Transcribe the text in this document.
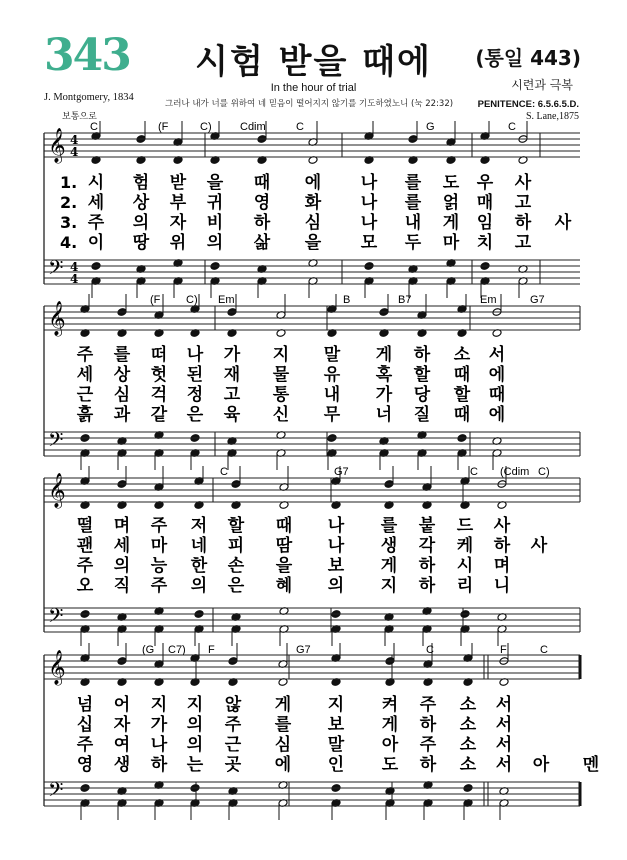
343	시험 받을 때에	(통일 443)
시련과 극복
In the hour of trial
J. Montgomery, 1834
그러나 내가 너를 위하여 네 믿음이 떨어지지 않기를 기도하였노니 (눅 22:32)
보통으로
PENITENCE: 6.5.6.5.D.
S. Lane,1875
𝄞
𝄢
4
4
4
4
C	(F	C)	Cdim	C	G	C
1. 시 험 받 을 때 에 나 를 도 우 사
2. 세 상 부 귀 영 화 나 를 얽 매 고
3. 주 의 자 비 하 심 나 내 게 임 하 사
4. 이 땅 위 의 삶 을 모 두 마 치 고
𝄞
𝄢
(F C) Em	B	B7	Em	G7
주 를 떠 나 가 지 말 게 하 소 서
세 상 헛 된 재 물 유 혹 할 때 에
근 심 걱 정 고 통 내 가 당 할 때
흙 과 같 은 육 신 무 너 질 때 에
𝄞
𝄢
C	G7	C (Cdim C)
떨 며 주 저 할 때 나 를 붙 드 사
괜 세 마 네 피 땀 나 생 각 케 하 사
주 의 능 한 손 을 보 게 하 시 며
오 직 주 의 은 혜 의 지 하 리 니
𝄞
𝄢
(G C7) F	G7	C	F	C
넘 어 지 지 않 게 지 켜 주 소 서
십 자 가 의 주 를 보 게 하 소 서
주 여 나 의 근 심 말 아 주 소 서
영 생 하 는 곳 에 인 도 하 소 서 아 멘
